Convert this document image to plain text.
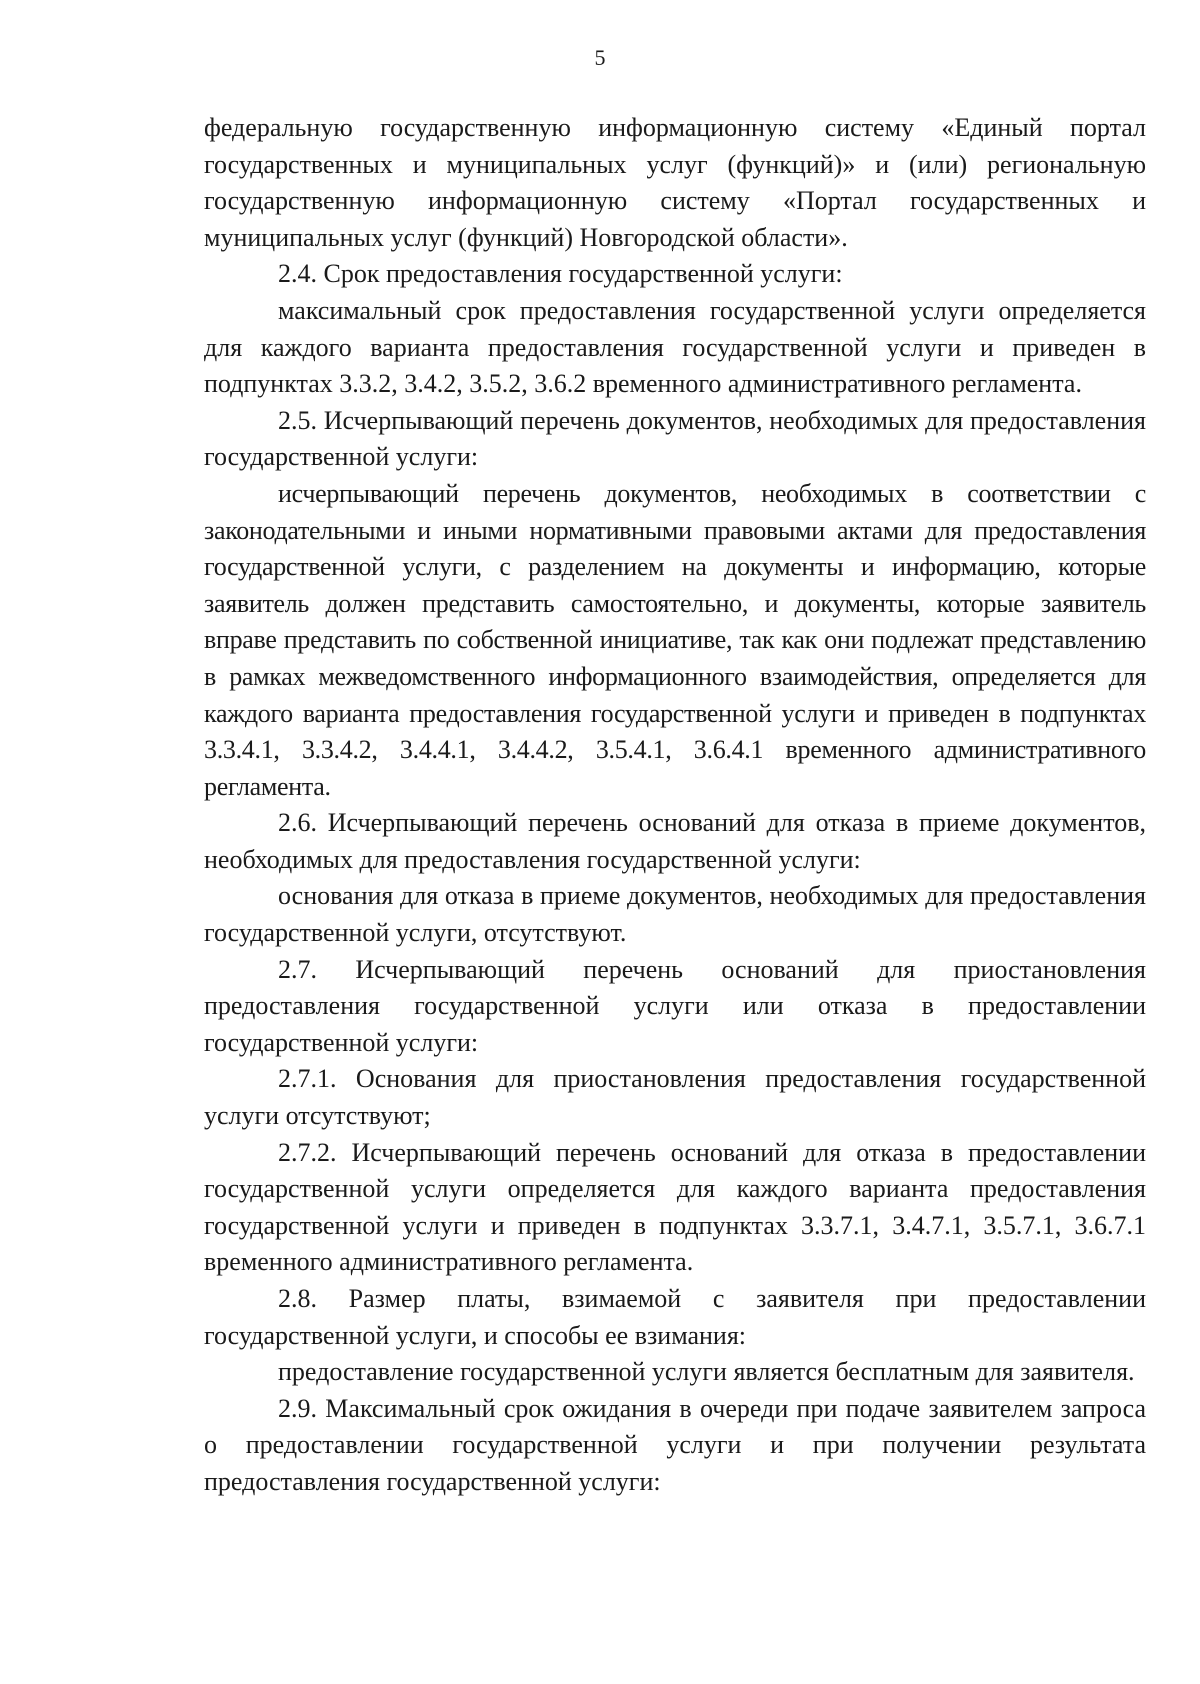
5

федеральную государственную информационную систему «Единый портал государственных и муниципальных услуг (функций)» и (или) региональную государственную информационную систему «Портал государственных и муниципальных услуг (функций) Новгородской области».

2.4. Срок предоставления государственной услуги:

максимальный срок предоставления государственной услуги определяется для каждого варианта предоставления государственной услуги и приведен в подпунктах 3.3.2, 3.4.2, 3.5.2, 3.6.2 временного административного регламента.

2.5. Исчерпывающий перечень документов, необходимых для предоставления государственной услуги:

исчерпывающий перечень документов, необходимых в соответствии с законодательными и иными нормативными правовыми актами для предоставления государственной услуги, с разделением на документы и информацию, которые заявитель должен представить самостоятельно, и документы, которые заявитель вправе представить по собственной инициативе, так как они подлежат представлению в рамках межведомственного информационного взаимодействия, определяется для каждого варианта предоставления государственной услуги и приведен в подпунктах 3.3.4.1, 3.3.4.2, 3.4.4.1, 3.4.4.2, 3.5.4.1, 3.6.4.1 временного административного регламента.

2.6. Исчерпывающий перечень оснований для отказа в приеме документов, необходимых для предоставления государственной услуги:

основания для отказа в приеме документов, необходимых для предоставления государственной услуги, отсутствуют.

2.7. Исчерпывающий перечень оснований для приостановления предоставления государственной услуги или отказа в предоставлении государственной услуги:

2.7.1. Основания для приостановления предоставления государственной услуги отсутствуют;

2.7.2. Исчерпывающий перечень оснований для отказа в предоставлении государственной услуги определяется для каждого варианта предоставления государственной услуги и приведен в подпунктах 3.3.7.1, 3.4.7.1, 3.5.7.1, 3.6.7.1 временного административного регламента.

2.8. Размер платы, взимаемой с заявителя при предоставлении государственной услуги, и способы ее взимания:

предоставление государственной услуги является бесплатным для заявителя.

2.9. Максимальный срок ожидания в очереди при подаче заявителем запроса о предоставлении государственной услуги и при получении результата предоставления государственной услуги:
